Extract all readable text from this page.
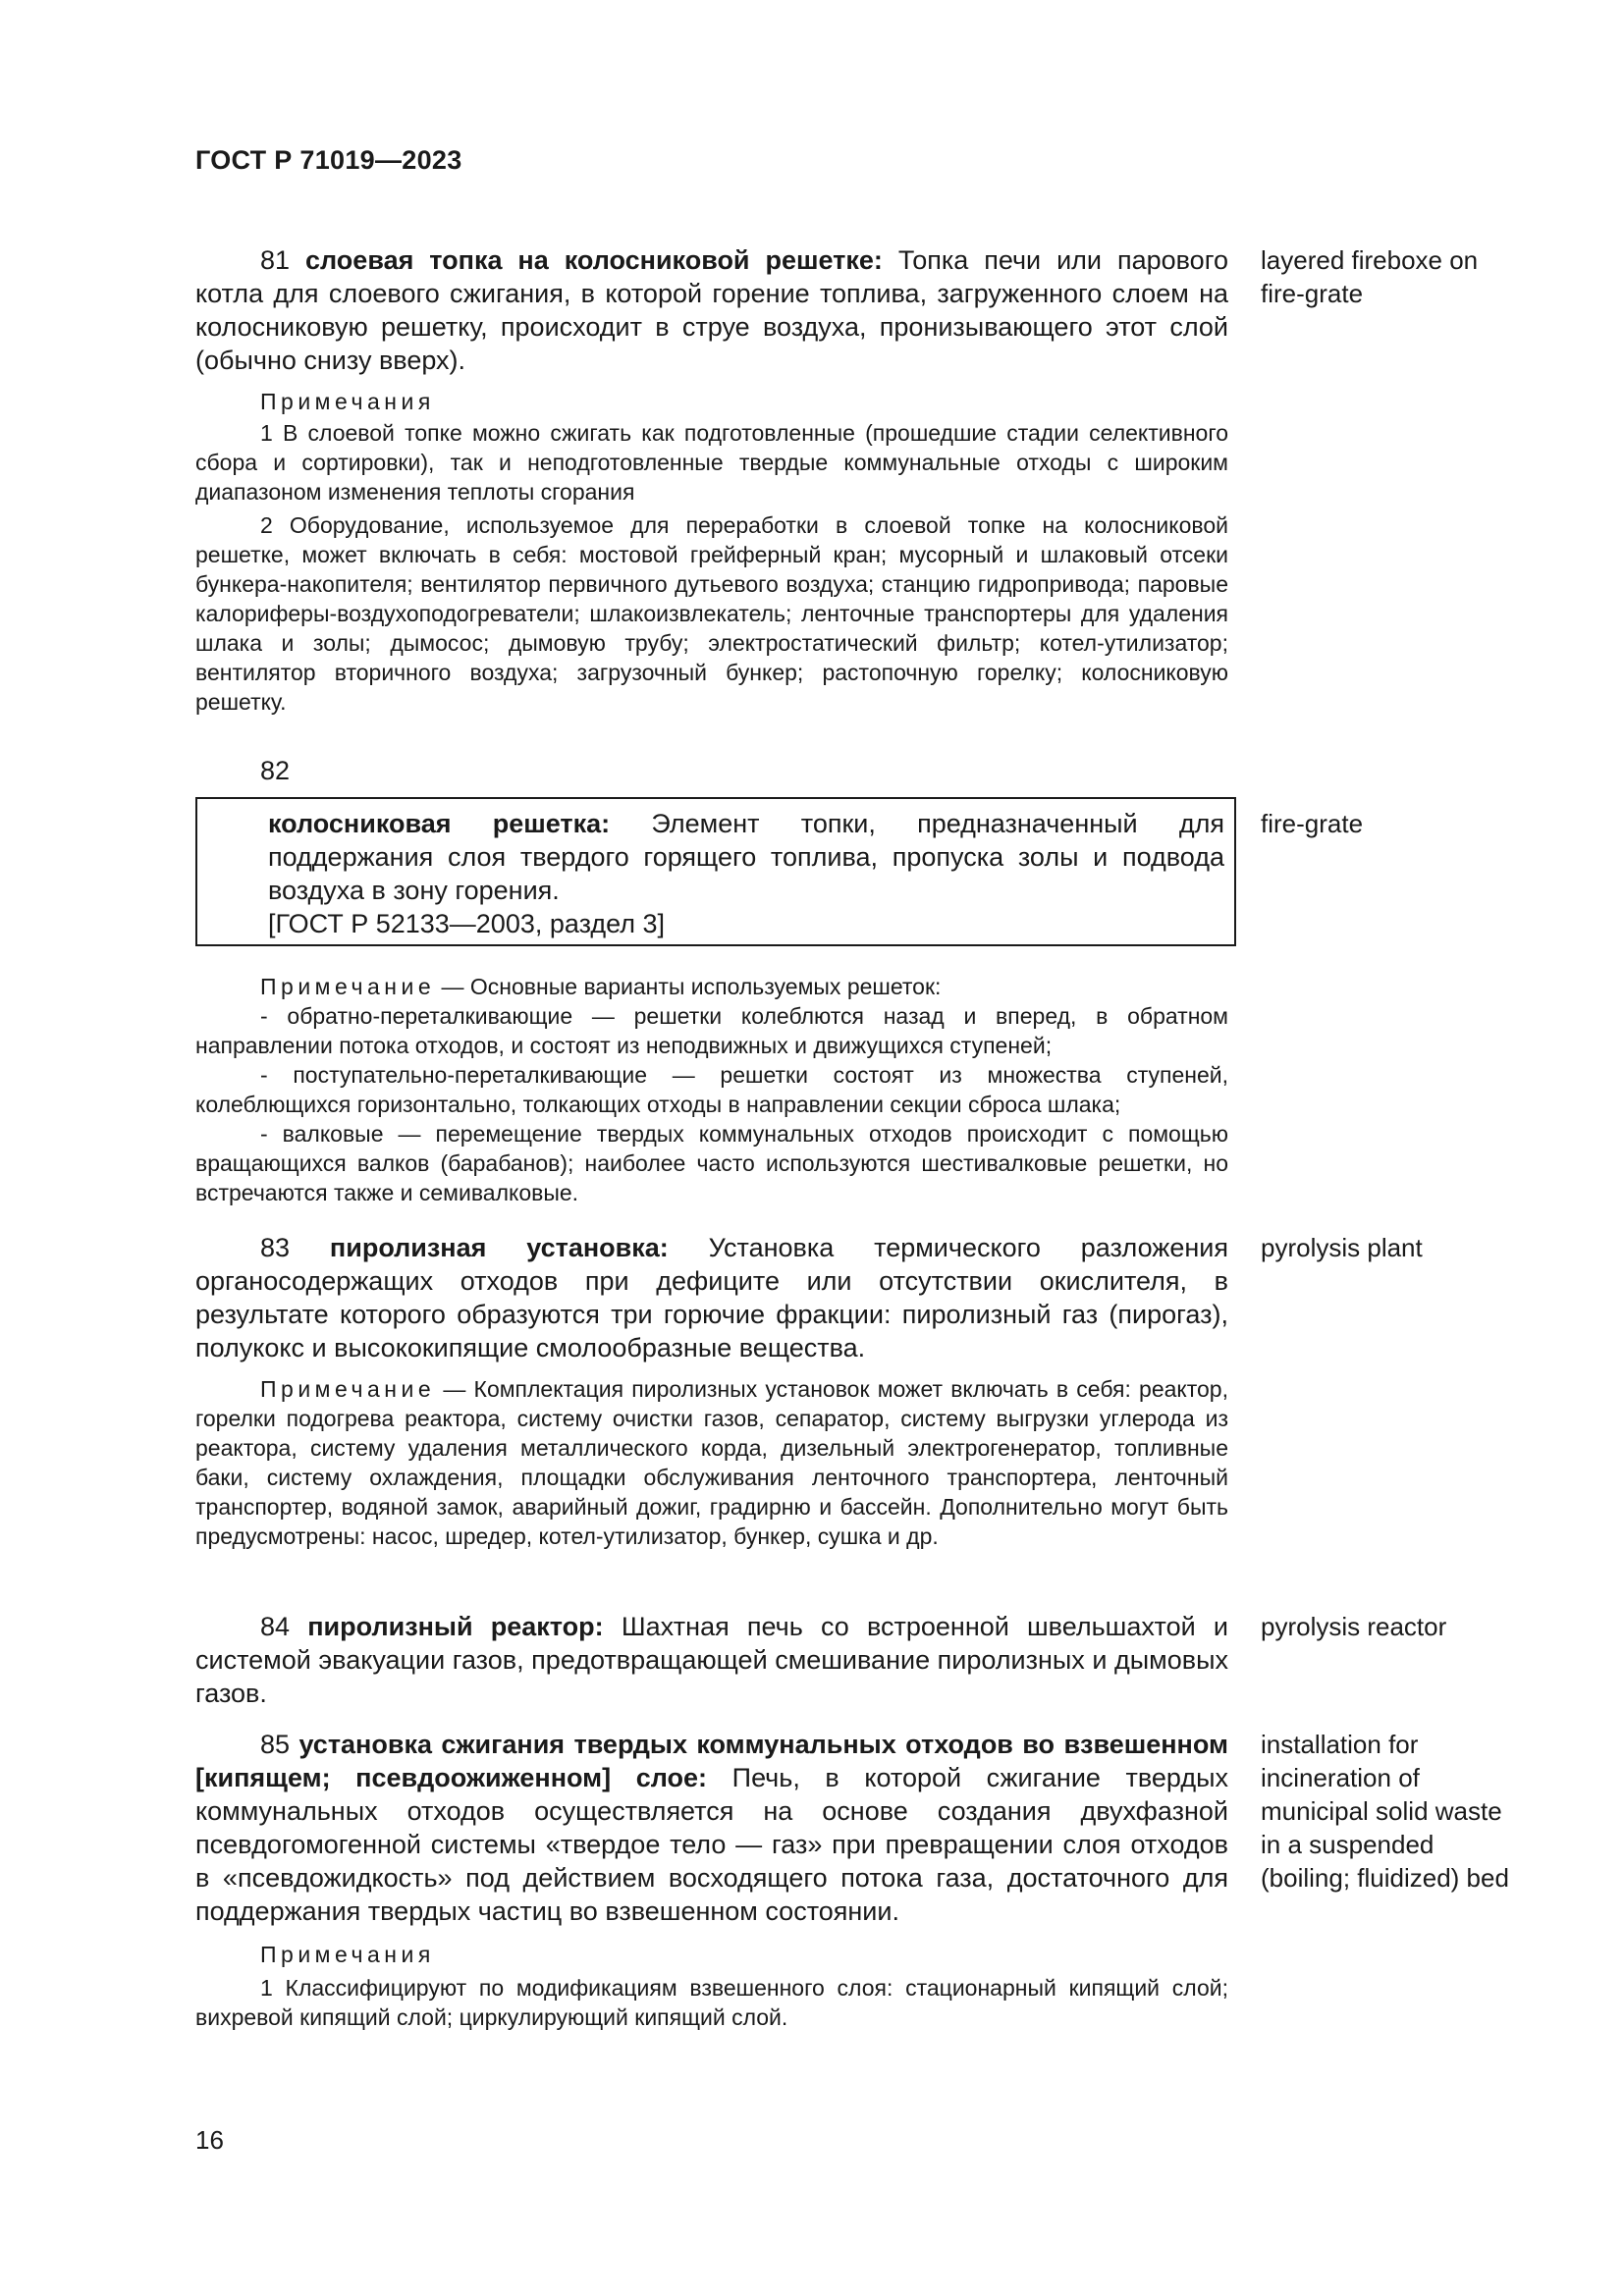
ГОСТ Р 71019—2023
81 слоевая топка на колосниковой решетке: Топка печи или парового котла для слоевого сжигания, в которой горение топлива, загруженного слоем на колосниковую решетку, происходит в струе воздуха, пронизывающего этот слой (обычно снизу вверх).
Примечания
1 В слоевой топке можно сжигать как подготовленные (прошедшие стадии селективного сбора и сортировки), так и неподготовленные твердые коммунальные отходы с широким диапазоном изменения теплоты сгорания
2 Оборудование, используемое для переработки в слоевой топке на колосниковой решетке, может включать в себя: мостовой грейферный кран; мусорный и шлаковый отсеки бункера-накопителя; вентилятор первичного дутьевого воздуха; станцию гидропривода; паровые калориферы-воздухоподогреватели; шлакоизвлекатель; ленточные транспортеры для удаления шлака и золы; дымосос; дымовую трубу; электростатический фильтр; котел-утилизатор; вентилятор вторичного воздуха; загрузочный бункер; растопочную горелку; колосниковую решетку.
layered fireboxe on fire-grate
82
колосниковая решетка: Элемент топки, предназначенный для поддержания слоя твердого горящего топлива, пропуска золы и подвода воздуха в зону горения.
[ГОСТ Р 52133—2003, раздел 3]
fire-grate
Примечание — Основные варианты используемых решеток:
- обратно-переталкивающие — решетки колеблются назад и вперед, в обратном направлении потока отходов, и состоят из неподвижных и движущихся ступеней;
- поступательно-переталкивающие — решетки состоят из множества ступеней, колеблющихся горизонтально, толкающих отходы в направлении секции сброса шлака;
- валковые — перемещение твердых коммунальных отходов происходит с помощью вращающихся валков (барабанов); наиболее часто используются шестивалковые решетки, но встречаются также и семивалковые.
83 пиролизная установка: Установка термического разложения органосодержащих отходов при дефиците или отсутствии окислителя, в результате которого образуются три горючие фракции: пиролизный газ (пирогаз), полукокс и высококипящие смолообразные вещества.
Примечание — Комплектация пиролизных установок может включать в себя: реактор, горелки подогрева реактора, систему очистки газов, сепаратор, систему выгрузки углерода из реактора, систему удаления металлического корда, дизельный электрогенератор, топливные баки, систему охлаждения, площадки обслуживания ленточного транспортера, ленточный транспортер, водяной замок, аварийный дожиг, градирню и бассейн. Дополнительно могут быть предусмотрены: насос, шредер, котел-утилизатор, бункер, сушка и др.
pyrolysis plant
84 пиролизный реактор: Шахтная печь со встроенной швельшахтой и системой эвакуации газов, предотвращающей смешивание пиролизных и дымовых газов.
pyrolysis reactor
85 установка сжигания твердых коммунальных отходов во взвешенном [кипящем; псевдоожиженном] слое: Печь, в которой сжигание твердых коммунальных отходов осуществляется на основе создания двухфазной псевдогомогенной системы «твердое тело — газ» при превращении слоя отходов в «псевдожидкость» под действием восходящего потока газа, достаточного для поддержания твердых частиц во взвешенном состоянии.
Примечания
1 Классифицируют по модификациям взвешенного слоя: стационарный кипящий слой; вихревой кипящий слой; циркулирующий кипящий слой.
installation for incineration of municipal solid waste in a suspended (boiling; fluidized) bed
16
